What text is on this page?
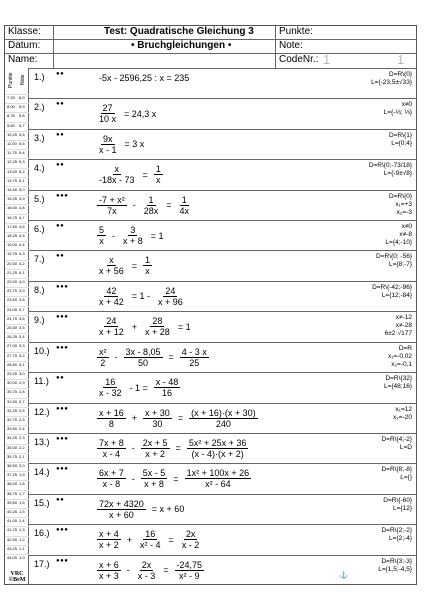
Klasse:	Test: Quadratische Gleichung 3	Punkte:
Datum:	• Bruchgleichungen •	Note:
Name:	CodeNr.: 1	1
Punkte	Note
7,25 6,0
8,00 5,9
8,75 5,8
9,50 5,7
10,25 5,6
11,00 5,5
11,75 5,4
12,25 5,3
13,00 5,2
13,75 5,1
14,50 5,0
15,25 4,9
16,00 4,8
16,75 4,7
17,50 4,6
18,25 4,5
19,00 4,4
19,75 4,3
20,50 4,2
21,25 4,1
22,00 4,0
22,75 3,9
23,50 3,8
24,00 3,7
24,75 3,6
25,50 3,5
26,25 3,4
27,00 3,3
27,75 3,2
28,50 3,1
29,25 3,0
30,00 2,9
30,75 2,8
31,50 2,7
32,25 2,6
32,75 2,5
33,50 2,4
34,25 2,3
35,00 2,2
35,75 2,1
36,50 2,0
37,25 1,9
38,00 1,8
38,75 1,7
39,50 1,6
40,25 1,5
41,00 1,4
41,75 1,3
42,50 1,2
43,25 1,1
44,00 1,0
VRC
©BeM
1.) ●●	-5x - 2596,25 : x = 235	D=R\{0}
L={-23,5±√33}
2.) ●●	$\frac{27}{10 x} = 24,3$ x
x≠0
L={-⅓; ⅓}
3.) ●●	$\frac{9x}{x - 1} = 3$ x
D=R\{1}
L={0;4}
4.) ●●	$\frac{x}{-18x - 73} = \frac{1}{x}$	D=R\{0;-73/18}
L={-9±√8}
5.) ●●●	$\frac{\text{-7 + x²}}{7x} - \frac{1}{28x} = \frac{1}{4x}$	D=R\{0}
x₁=+3
x₂=-3
6.) ●●	$\frac{5}{x} - \frac{3}{x + 8} = 1$
x≠0
x≠-8
L={4;-10}
7.) ●●	$\frac{x}{x + 56} = \frac{1}{x}$	D=R\{0; -56}
L={8;-7}
8.) ●●●	$\frac{42}{x + 42} = 1 - \frac{24}{x + 96}$	D=R\{-42;-96}
L={12;-84}
9.) ●●●	$\frac{24}{x + 12} + \frac{28}{x + 28} = 1$
x≠-12
x≠-28
6±2·√177
10.) ●●●	$\frac{\text{x²}}{2} - \frac{3x - 8,05}{50} = \frac{4 - 3 x}{25}$	D=R
x₁=-0,02
x₂=-0,1
11.) ●●	$\frac{16}{x - 32} - 1 = \frac{x - 48}{16}$	D=R\{32}
L={48;16}
12.) ●●●	$\frac{x + 16}{8} + \frac{x + 30}{30} = \frac{(x + 16)\cdot(x + 30)}{240}$	x₁=12
x₂=-20
13.) ●●●	$\frac{7x + 8}{x - 4} - \frac{2x + 5}{x + 2} = \frac{\text{5x² + 25x + 36}}{(x - 4)\cdot(x + 2)}$	D=R\{4;-2}
L=D
14.) ●●●	$\frac{6x + 7}{x - 8} - \frac{5x - 5}{x + 8} = \frac{\text{1x² + 100x + 26}}{\text{x² - 64}}$	D=R\{8;-8}
L={}
15.) ●●	$\frac{72x + 4320}{x + 60} = x + 60$
D=R\{-60}
L={12}
16.) ●●●	$\frac{x + 4}{x + 2} + \frac{16}{\text{x² - 4}} = \frac{2x}{x - 2}$	D=R\{2;-2}
L={2;-4}
17.) ●●●	$\frac{x + 6}{x + 3} - \frac{2x}{x - 3} = \frac{-24,75}{\text{x² - 9}}$	D=R\{3;-3}
L={1,5;-4,5}
⚓
